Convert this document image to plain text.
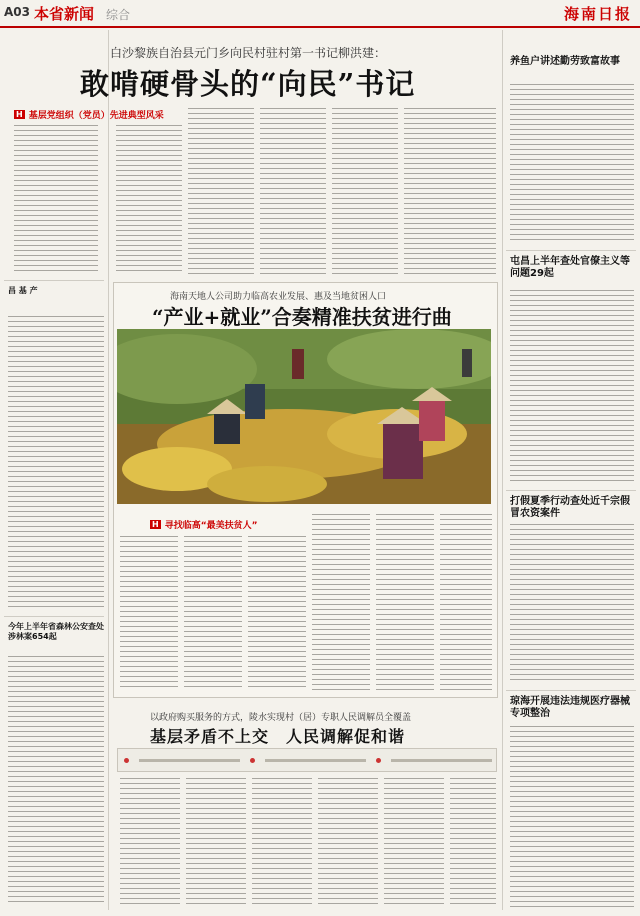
A03 本省新闻 综合	海南日报
白沙黎族自治县元门乡向民村驻村第一书记柳洪建：
敢啃硬骨头的“向民”书记
H 基层党组织（党员）先进典型风采
昌 基 产
今年上半年省森林公安查处涉林案654起
养鱼户讲述勤劳致富故事
屯昌上半年查处官僚主义等问题29起
打假夏季行动查处近千宗假冒农资案件
琼海开展违法违规医疗器械专项整治
海南天地人公司助力临高农业发展、惠及当地贫困人口
“产业+就业”合奏精准扶贫进行曲
H 寻找临高“最美扶贫人”
以政府购买服务的方式，陵水实现村（居）专职人民调解员全覆盖
基层矛盾不上交　人民调解促和谐
